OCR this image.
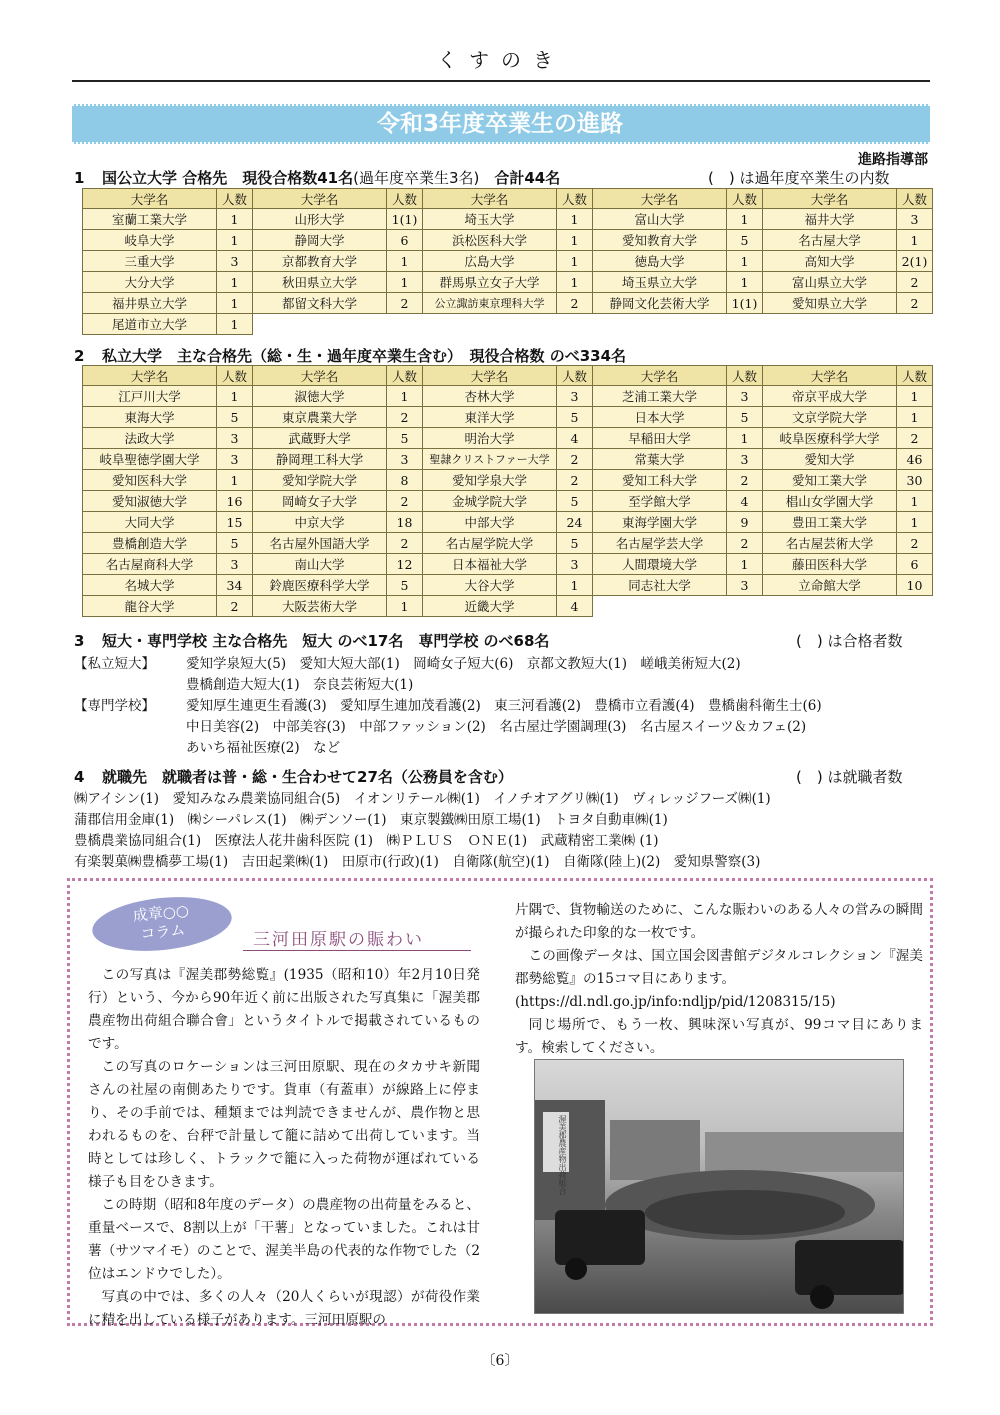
くすのき
令和3年度卒業生の進路
進路指導部
1 国公立大学 合格先　現役合格数41名(過年度卒業生3名)　 合計44名	(　) は過年度卒業生の内数
大学名	人数	大学名	人数	大学名	人数	大学名	人数	大学名	人数
室蘭工業大学	1	山形大学	1(1)	埼玉大学	1	富山大学	1	福井大学	3
岐阜大学	1	静岡大学	6	浜松医科大学	1	愛知教育大学	5	名古屋大学	1
三重大学	3	京都教育大学	1	広島大学	1	徳島大学	1	高知大学	2(1)
大分大学	1	秋田県立大学	1	群馬県立女子大学	1	埼玉県立大学	1	富山県立大学	2
福井県立大学	1	都留文科大学	2	公立諏訪東京理科大学	2	静岡文化芸術大学	1(1)	愛知県立大学	2
尾道市立大学	1								
2 私立大学　主な合格先（総・生・過年度卒業生含む）　現役合格数 のべ334名
大学名	人数	大学名	人数	大学名	人数	大学名	人数	大学名	人数
江戸川大学	1	淑徳大学	1	杏林大学	3	芝浦工業大学	3	帝京平成大学	1
東海大学	5	東京農業大学	2	東洋大学	5	日本大学	5	文京学院大学	1
法政大学	3	武蔵野大学	5	明治大学	4	早稲田大学	1	岐阜医療科学大学	2
岐阜聖徳学園大学	3	静岡理工科大学	3	聖隷クリストファー大学	2	常葉大学	3	愛知大学	46
愛知医科大学	1	愛知学院大学	8	愛知学泉大学	2	愛知工科大学	2	愛知工業大学	30
愛知淑徳大学	16	岡崎女子大学	2	金城学院大学	5	至学館大学	4	椙山女学園大学	1
大同大学	15	中京大学	18	中部大学	24	東海学園大学	9	豊田工業大学	1
豊橋創造大学	5	名古屋外国語大学	2	名古屋学院大学	5	名古屋学芸大学	2	名古屋芸術大学	2
名古屋商科大学	3	南山大学	12	日本福祉大学	3	人間環境大学	1	藤田医科大学	6
名城大学	34	鈴鹿医療科学大学	5	大谷大学	1	同志社大学	3	立命館大学	10
龍谷大学	2	大阪芸術大学	1	近畿大学	4				
3 短大・専門学校 主な合格先　短大 のべ17名　専門学校 のべ68名	(　) は合格者数
【私立短大】	愛知学泉短大(5)　愛知大短大部(1)　岡崎女子短大(6)　京都文教短大(1)　嵯峨美術短大(2)
豊橋創造大短大(1)　奈良芸術短大(1)
【専門学校】	愛知厚生連更生看護(3)　愛知厚生連加茂看護(2)　東三河看護(2)　豊橋市立看護(4)　豊橋歯科衛生士(6)
中日美容(2)　中部美容(3)　中部ファッション(2)　名古屋辻学園調理(3)　名古屋スイーツ＆カフェ(2)
あいち福祉医療(2)　など
4 就職先　就職者は普・総・生合わせて27名（公務員を含む）	(　) は就職者数
㈱アイシン(1)　愛知みなみ農業協同組合(5)　イオンリテール㈱(1)　イノチオアグリ㈱(1)　ヴィレッジフーズ㈱(1)
蒲郡信用金庫(1)　㈱シーパレス(1)　㈱デンソー(1)　東京製鐵㈱田原工場(1)　トヨタ自動車㈱(1)
豊橋農業協同組合(1)　医療法人花井歯科医院 (1)　㈱ＰＬＵＳ　ＯＮＥ(1)　武蔵精密工業㈱ (1)
有楽製菓㈱豊橋夢工場(1)　吉田起業㈱(1)　田原市(行政)(1)　自衛隊(航空)(1)　自衛隊(陸上)(2)　愛知県警察(3)
成章○○
コラム	三河田原駅の賑わい

この写真は『渥美郡勢総覧』(1935（昭和10）年2月10日発行）という、今から90年近く前に出版された写真集に「渥美郡農産物出荷組合聯合會」というタイトルで掲載されているものです。

この写真のロケーションは三河田原駅、現在のタカサキ新聞さんの社屋の南側あたりです。貨車（有蓋車）が線路上に停まり、その手前では、種類までは判読できませんが、農作物と思われるものを、台秤で計量して籠に詰めて出荷しています。当時としては珍しく、トラックで籠に入った荷物が運ばれている様子も目をひきます。

この時期（昭和8年度のデータ）の農産物の出荷量をみると、重量ベースで、8割以上が「干薯」となっていました。これは甘薯（サツマイモ）のことで、渥美半島の代表的な作物でした（2位はエンドウでした）。

写真の中では、多くの人々（20人くらいが現認）が荷役作業に精を出している様子があります。三河田原駅の

片隅で、貨物輸送のために、こんな賑わいのある人々の営みの瞬間が撮られた印象的な一枚です。

この画像データは、国立国会図書館デジタルコレクション『渥美郡勢総覧』の15コマ目にあります。

(https://dl.ndl.go.jp/info:ndljp/pid/1208315/15)

同じ場所で、もう一枚、興味深い写真が、99コマ目にあります。検索してください。

渥美郡農産物出荷組合
〔6〕
